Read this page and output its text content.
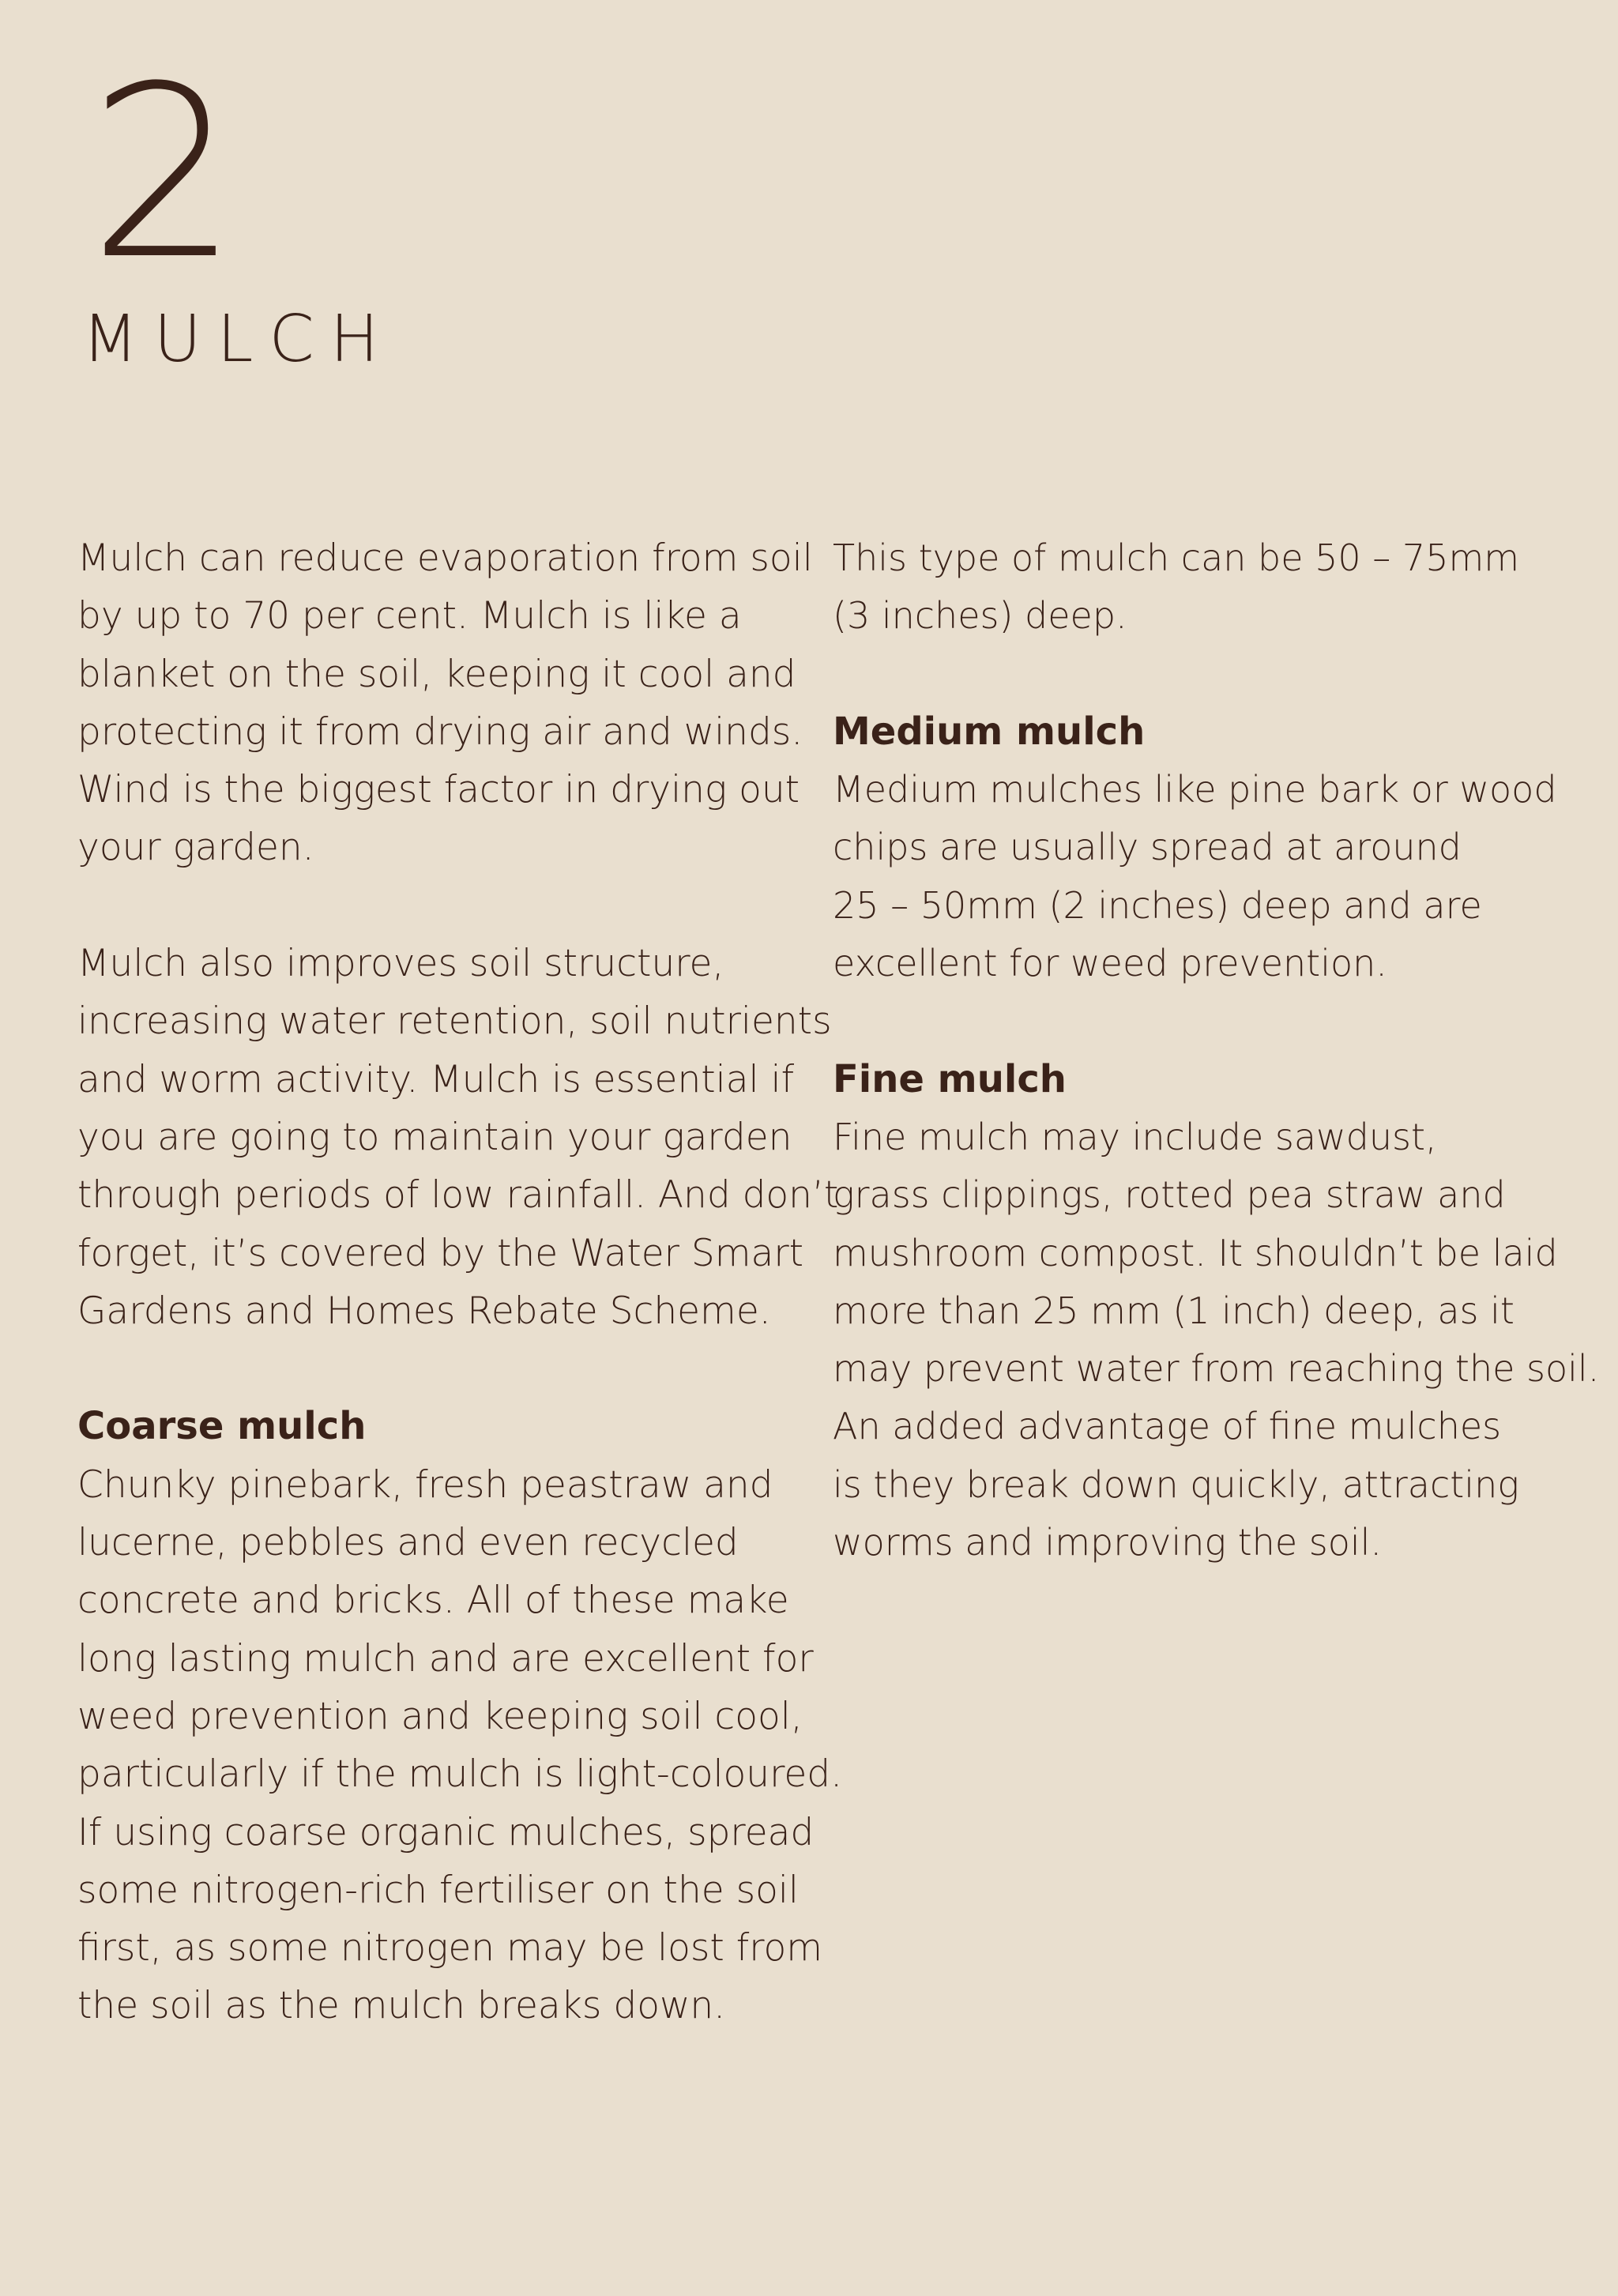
2
MULCH
Mulch can reduce evaporation from soil
by up to 70 per cent. Mulch is like a
blanket on the soil, keeping it cool and
protecting it from drying air and winds.
Wind is the biggest factor in drying out
your garden.
Mulch also improves soil structure,
increasing water retention, soil nutrients
and worm activity. Mulch is essential if
you are going to maintain your garden
through periods of low rainfall. And don’t
forget, it’s covered by the Water Smart
Gardens and Homes Rebate Scheme.
Coarse mulch
Chunky pinebark, fresh peastraw and
lucerne, pebbles and even recycled
concrete and bricks. All of these make
long lasting mulch and are excellent for
weed prevention and keeping soil cool,
particularly if the mulch is light-coloured.
If using coarse organic mulches, spread
some nitrogen-rich fertiliser on the soil
first, as some nitrogen may be lost from
the soil as the mulch breaks down.
This type of mulch can be 50 – 75mm
(3 inches) deep.
Medium mulch
Medium mulches like pine bark or wood
chips are usually spread at around
25 – 50mm (2 inches) deep and are
excellent for weed prevention.
Fine mulch
Fine mulch may include sawdust,
grass clippings, rotted pea straw and
mushroom compost. It shouldn’t be laid
more than 25 mm (1 inch) deep, as it
may prevent water from reaching the soil.
An added advantage of fine mulches
is they break down quickly, attracting
worms and improving the soil.
